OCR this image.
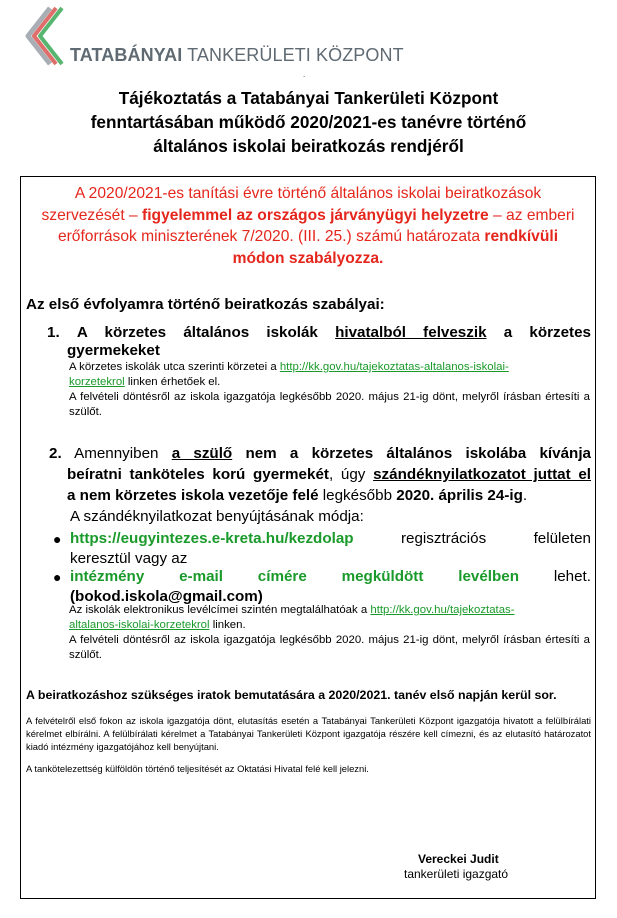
TATABÁNYAI TANKERÜLETI KÖZPONT
.
Tájékoztatás a Tatabányai Tankerületi Központ
fenntartásában működő 2020/2021-es tanévre történő
általános iskolai beiratkozás rendjéről
A 2020/2021-es tanítási évre történő általános iskolai beiratkozások szervezését – figyelemmel az országos járványügyi helyzetre – az emberi erőforrások miniszterének 7/2020. (III. 25.) számú határozata rendkívüli módon szabályozza.
Az első évfolyamra történő beiratkozás szabályai:
1. A körzetes általános iskolák hivatalból felveszik a körzetes
gyermekeket
A körzetes iskolák utca szerinti körzetei a http://kk.gov.hu/tajekoztatas-altalanos-iskolai-
korzetekrol linken érhetőek el.
A felvételi döntésről az iskola igazgatója legkésőbb 2020. május 21-ig dönt, melyről írásban értesíti a szülőt.
2. Amennyiben a szülő nem a körzetes általános iskolába kívánja
beíratni tanköteles korú gyermekét, úgy szándéknyilatkozatot juttat el
a nem körzetes iskola vezetője felé legkésőbb 2020. április 24-ig.
A szándéknyilatkozat benyújtásának módja:
● https://eugyintezes.e-kreta.hu/kezdolap regisztrációs felületen
keresztül vagy az
● intézmény e-mail címére megküldött levélben lehet.
(bokod.iskola@gmail.com)
Az iskolák elektronikus levélcímei szintén megtalálhatóak a http://kk.gov.hu/tajekoztatas-
altalanos-iskolai-korzetekrol linken.
A felvételi döntésről az iskola igazgatója legkésőbb 2020. május 21-ig dönt, melyről írásban értesíti a szülőt.
A beiratkozáshoz szükséges iratok bemutatására a 2020/2021. tanév első napján kerül sor.
A felvételről első fokon az iskola igazgatója dönt, elutasítás esetén a Tatabányai Tankerületi Központ igazgatója hivatott a felülbírálati kérelmet elbírálni. A felülbírálati kérelmet a Tatabányai Tankerületi Központ igazgatója részére kell címezni, és az elutasító határozatot kiadó intézmény igazgatójához kell benyújtani.
A tankötelezettség külföldön történő teljesítését az Oktatási Hivatal felé kell jelezni.
Vereckei Judit
tankerületi igazgató
